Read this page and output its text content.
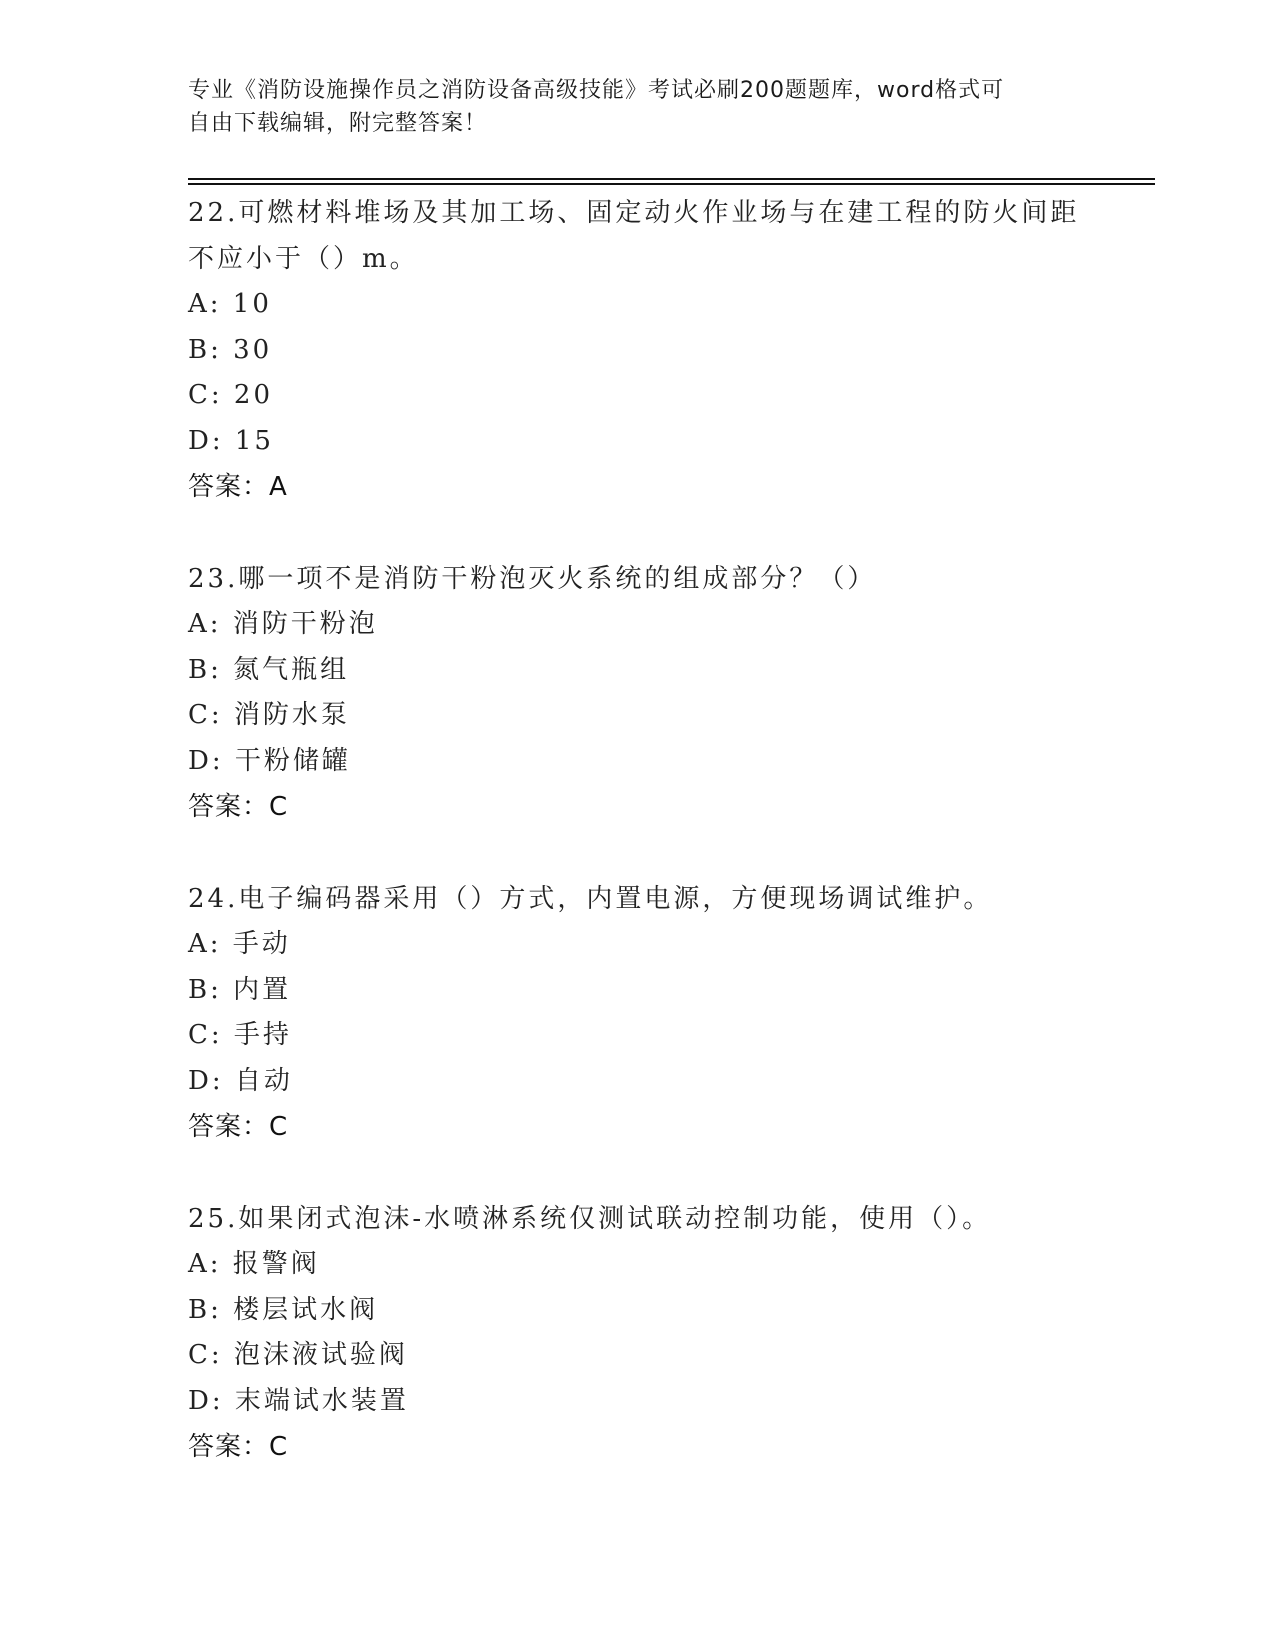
专业《消防设施操作员之消防设备高级技能》考试必刷200题题库，word格式可
自由下载编辑，附完整答案！
22.可燃材料堆场及其加工场、固定动火作业场与在建工程的防火间距
不应小于（）m。
A: 10
B: 30
C: 20
D: 15
答案：A
23.哪一项不是消防干粉泡灭火系统的组成部分？（）
A: 消防干粉泡
B: 氮气瓶组
C: 消防水泵
D: 干粉储罐
答案：C
24.电子编码器采用（）方式，内置电源，方便现场调试维护。
A: 手动
B: 内置
C: 手持
D: 自动
答案：C
25.如果闭式泡沫-水喷淋系统仅测试联动控制功能，使用（）。
A: 报警阀
B: 楼层试水阀
C: 泡沫液试验阀
D: 末端试水装置
答案：C
